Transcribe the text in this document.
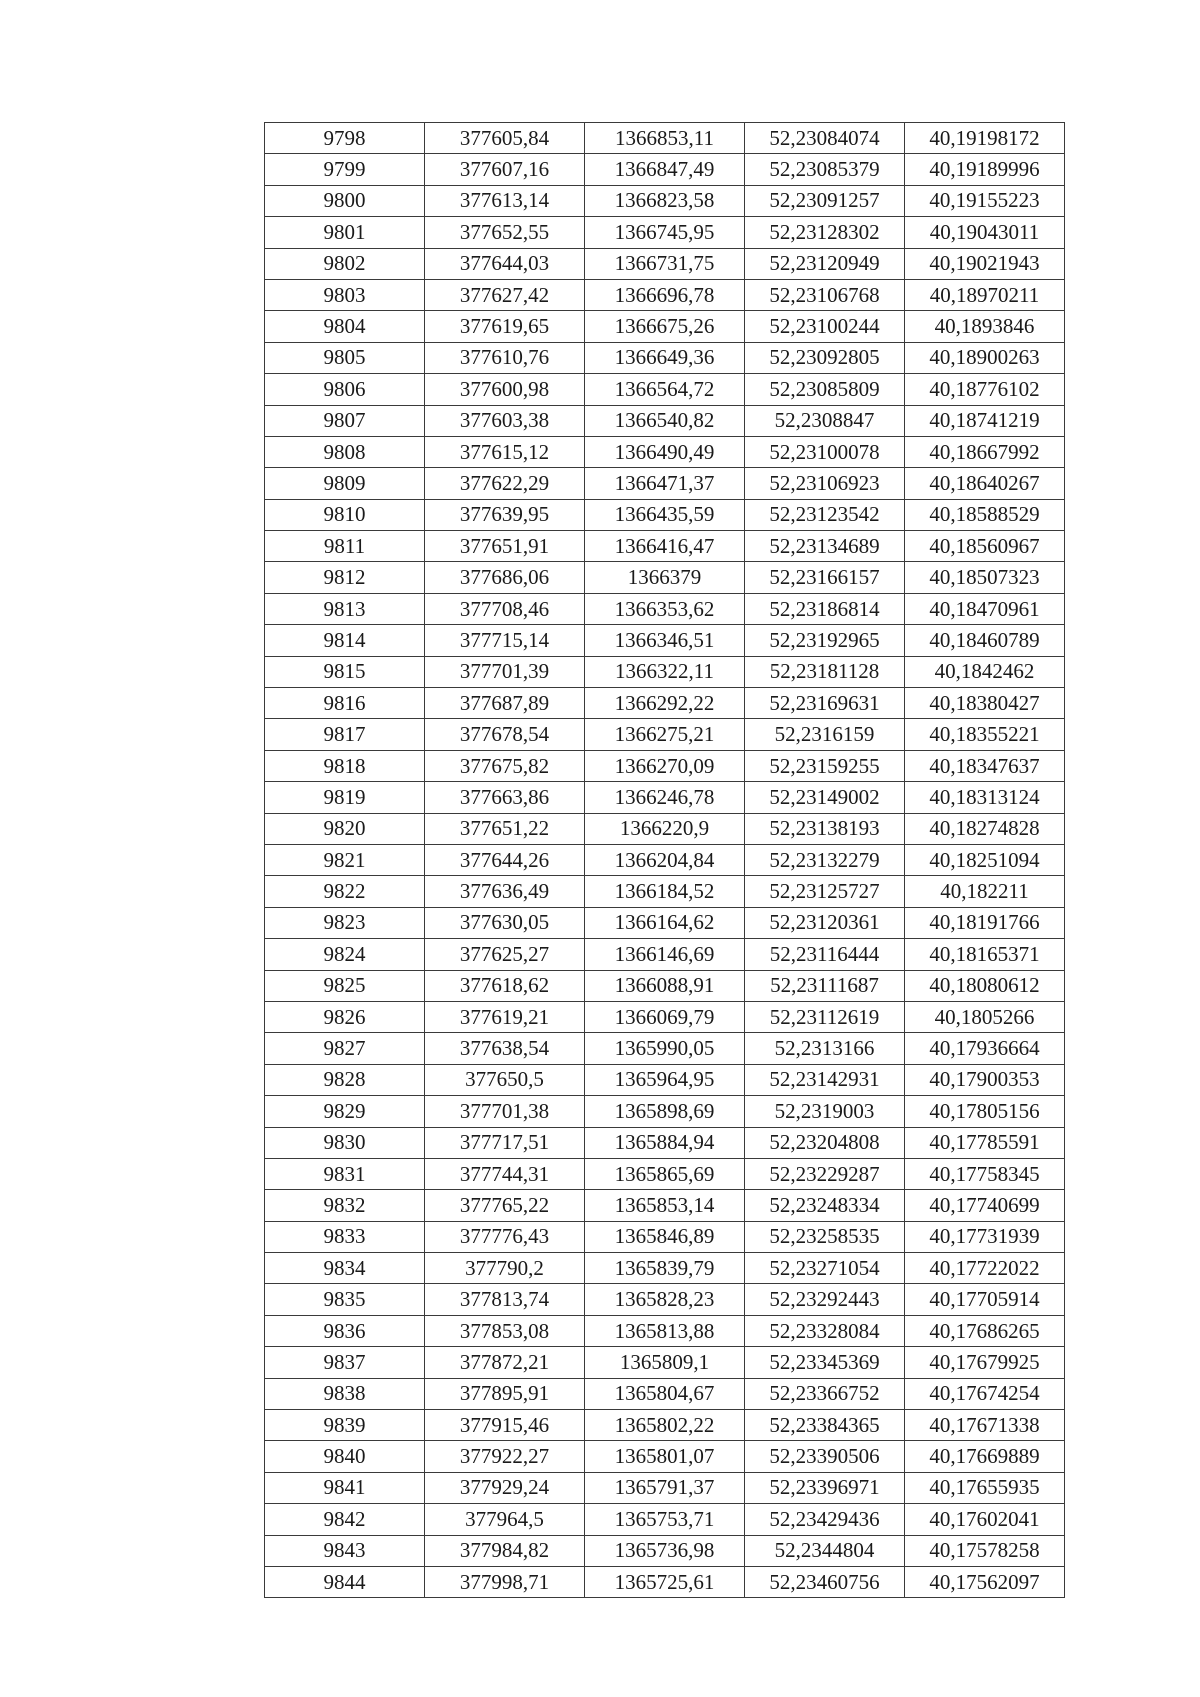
9798	377605,84	1366853,11	52,23084074	40,19198172
9799	377607,16	1366847,49	52,23085379	40,19189996
9800	377613,14	1366823,58	52,23091257	40,19155223
9801	377652,55	1366745,95	52,23128302	40,19043011
9802	377644,03	1366731,75	52,23120949	40,19021943
9803	377627,42	1366696,78	52,23106768	40,18970211
9804	377619,65	1366675,26	52,23100244	40,1893846
9805	377610,76	1366649,36	52,23092805	40,18900263
9806	377600,98	1366564,72	52,23085809	40,18776102
9807	377603,38	1366540,82	52,2308847	40,18741219
9808	377615,12	1366490,49	52,23100078	40,18667992
9809	377622,29	1366471,37	52,23106923	40,18640267
9810	377639,95	1366435,59	52,23123542	40,18588529
9811	377651,91	1366416,47	52,23134689	40,18560967
9812	377686,06	1366379	52,23166157	40,18507323
9813	377708,46	1366353,62	52,23186814	40,18470961
9814	377715,14	1366346,51	52,23192965	40,18460789
9815	377701,39	1366322,11	52,23181128	40,1842462
9816	377687,89	1366292,22	52,23169631	40,18380427
9817	377678,54	1366275,21	52,2316159	40,18355221
9818	377675,82	1366270,09	52,23159255	40,18347637
9819	377663,86	1366246,78	52,23149002	40,18313124
9820	377651,22	1366220,9	52,23138193	40,18274828
9821	377644,26	1366204,84	52,23132279	40,18251094
9822	377636,49	1366184,52	52,23125727	40,182211
9823	377630,05	1366164,62	52,23120361	40,18191766
9824	377625,27	1366146,69	52,23116444	40,18165371
9825	377618,62	1366088,91	52,23111687	40,18080612
9826	377619,21	1366069,79	52,23112619	40,1805266
9827	377638,54	1365990,05	52,2313166	40,17936664
9828	377650,5	1365964,95	52,23142931	40,17900353
9829	377701,38	1365898,69	52,2319003	40,17805156
9830	377717,51	1365884,94	52,23204808	40,17785591
9831	377744,31	1365865,69	52,23229287	40,17758345
9832	377765,22	1365853,14	52,23248334	40,17740699
9833	377776,43	1365846,89	52,23258535	40,17731939
9834	377790,2	1365839,79	52,23271054	40,17722022
9835	377813,74	1365828,23	52,23292443	40,17705914
9836	377853,08	1365813,88	52,23328084	40,17686265
9837	377872,21	1365809,1	52,23345369	40,17679925
9838	377895,91	1365804,67	52,23366752	40,17674254
9839	377915,46	1365802,22	52,23384365	40,17671338
9840	377922,27	1365801,07	52,23390506	40,17669889
9841	377929,24	1365791,37	52,23396971	40,17655935
9842	377964,5	1365753,71	52,23429436	40,17602041
9843	377984,82	1365736,98	52,2344804	40,17578258
9844	377998,71	1365725,61	52,23460756	40,17562097
